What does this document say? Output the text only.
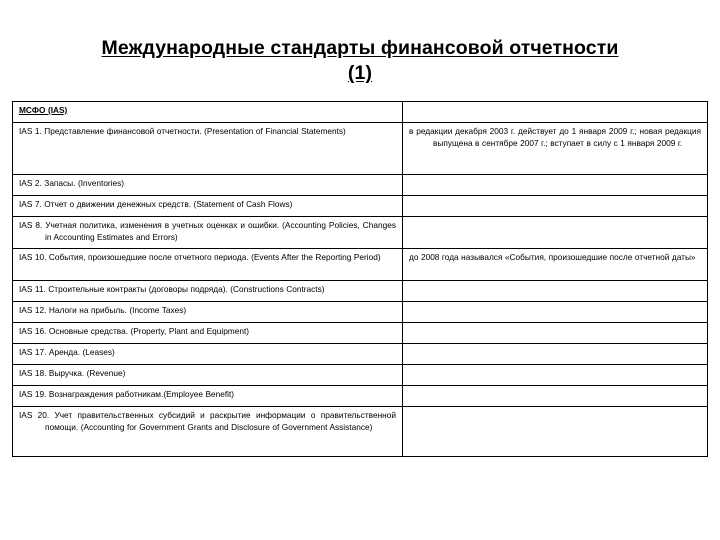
Международные стандарты финансовой отчетности
(1)
МСФО (IAS)	

IAS 1. Представление финансовой отчетности. (Presentation of Financial Statements)	в редакции декабря 2003 г. действует до 1 января 2009 г.; новая редакция выпущена в сентябре 2007 г.; вступает в силу с 1 января 2009 г.

IAS 2. Запасы. (Inventories)	

IAS 7. Отчет о движении денежных средств. (Statement of Cash Flows)	

IAS 8. Учетная политика, изменения в учетных оценках и ошибки. (Accounting Policies, Changes in Accounting Estimates and Errors)	

IAS 10. События, произошедшие после отчетного периода. (Events After the Reporting Period)	до 2008 года назывался «События, произошедшие после отчетной даты»

IAS 11. Строительные контракты (договоры подряда). (Constructions Contracts)	

IAS 12. Налоги на прибыль. (Income Taxes)	

IAS 16. Основные средства. (Property, Plant and Equipment)	

IAS 17. Аренда. (Leases)	

IAS 18. Выручка. (Revenue)	

IAS 19. Вознаграждения работникам.(Employee Benefit)	

IAS 20. Учет правительственных субсидий и раскрытие информации о правительственной помощи. (Accounting for Government Grants and Disclosure of Government Assistance)	
